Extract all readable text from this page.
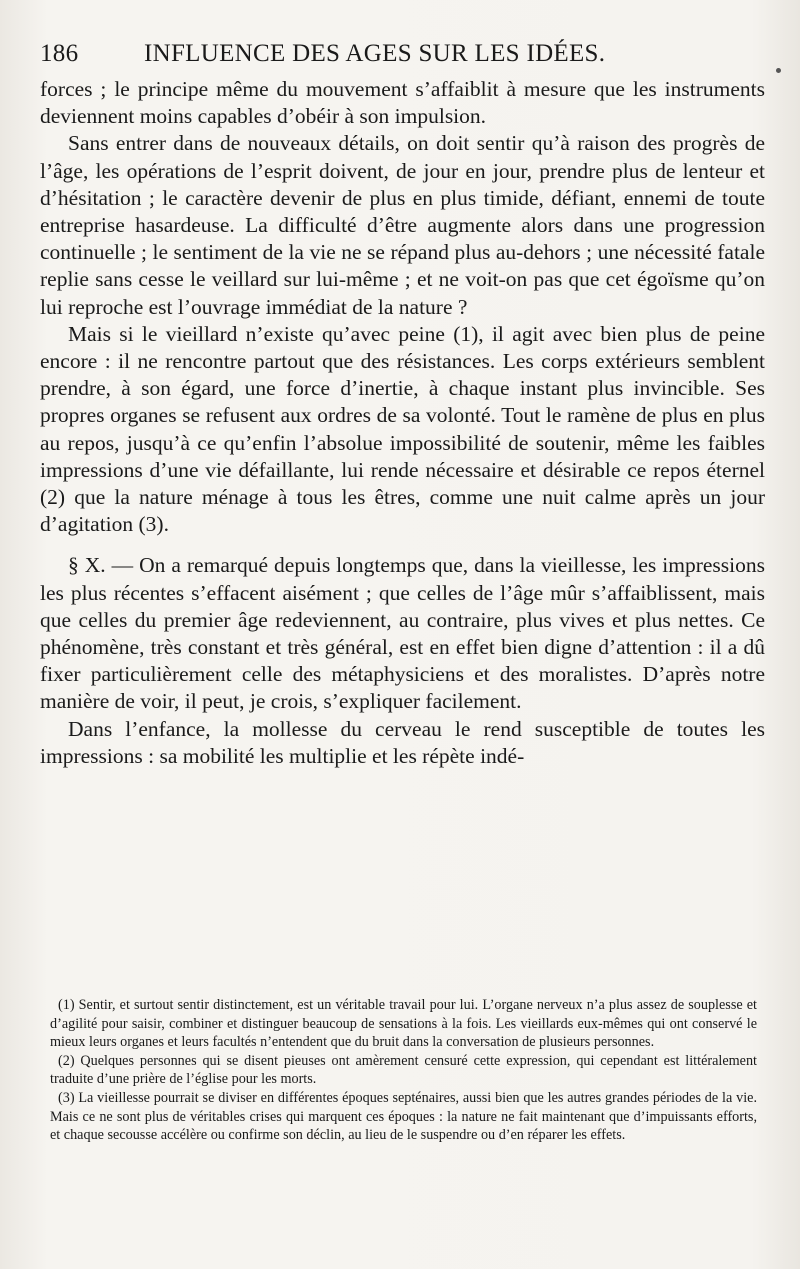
186	INFLUENCE DES AGES SUR LES IDÉES.

forces ; le principe même du mouvement s’affaiblit à mesure que les instruments deviennent moins capables d’obéir à son impulsion.

Sans entrer dans de nouveaux détails, on doit sentir qu’à raison des progrès de l’âge, les opérations de l’esprit doivent, de jour en jour, prendre plus de lenteur et d’hésitation ; le caractère devenir de plus en plus timide, défiant, ennemi de toute entreprise hasardeuse. La difficulté d’être augmente alors dans une progression continuelle ; le sentiment de la vie ne se répand plus au-dehors ; une nécessité fatale replie sans cesse le veillard sur lui-même ; et ne voit-on pas que cet égoïsme qu’on lui reproche est l’ouvrage immédiat de la nature ?

Mais si le vieillard n’existe qu’avec peine (1), il agit avec bien plus de peine encore : il ne rencontre partout que des résistances. Les corps extérieurs semblent prendre, à son égard, une force d’inertie, à chaque instant plus invincible. Ses propres organes se refusent aux ordres de sa volonté. Tout le ramène de plus en plus au repos, jusqu’à ce qu’enfin l’absolue impossibilité de soutenir, même les faibles impressions d’une vie défaillante, lui rende nécessaire et désirable ce repos éternel (2) que la nature ménage à tous les êtres, comme une nuit calme après un jour d’agitation (3).

§ X. — On a remarqué depuis longtemps que, dans la vieillesse, les impressions les plus récentes s’effacent aisément ; que celles de l’âge mûr s’affaiblissent, mais que celles du premier âge redeviennent, au contraire, plus vives et plus nettes. Ce phénomène, très constant et très général, est en effet bien digne d’attention : il a dû fixer particulièrement celle des métaphysiciens et des moralistes. D’après notre manière de voir, il peut, je crois, s’expliquer facilement.

Dans l’enfance, la mollesse du cerveau le rend susceptible de toutes les impressions : sa mobilité les multiplie et les répète indé-

(1) Sentir, et surtout sentir distinctement, est un véritable travail pour lui. L’organe nerveux n’a plus assez de souplesse et d’agilité pour saisir, combiner et distinguer beaucoup de sensations à la fois. Les vieillards eux-mêmes qui ont conservé le mieux leurs organes et leurs facultés n’entendent que du bruit dans la conversation de plusieurs personnes.

(2) Quelques personnes qui se disent pieuses ont amèrement censuré cette expression, qui cependant est littéralement traduite d’une prière de l’église pour les morts.

(3) La vieillesse pourrait se diviser en différentes époques septénaires, aussi bien que les autres grandes périodes de la vie. Mais ce ne sont plus de véritables crises qui marquent ces époques : la nature ne fait maintenant que d’impuissants efforts, et chaque secousse accélère ou confirme son déclin, au lieu de le suspendre ou d’en réparer les effets.
